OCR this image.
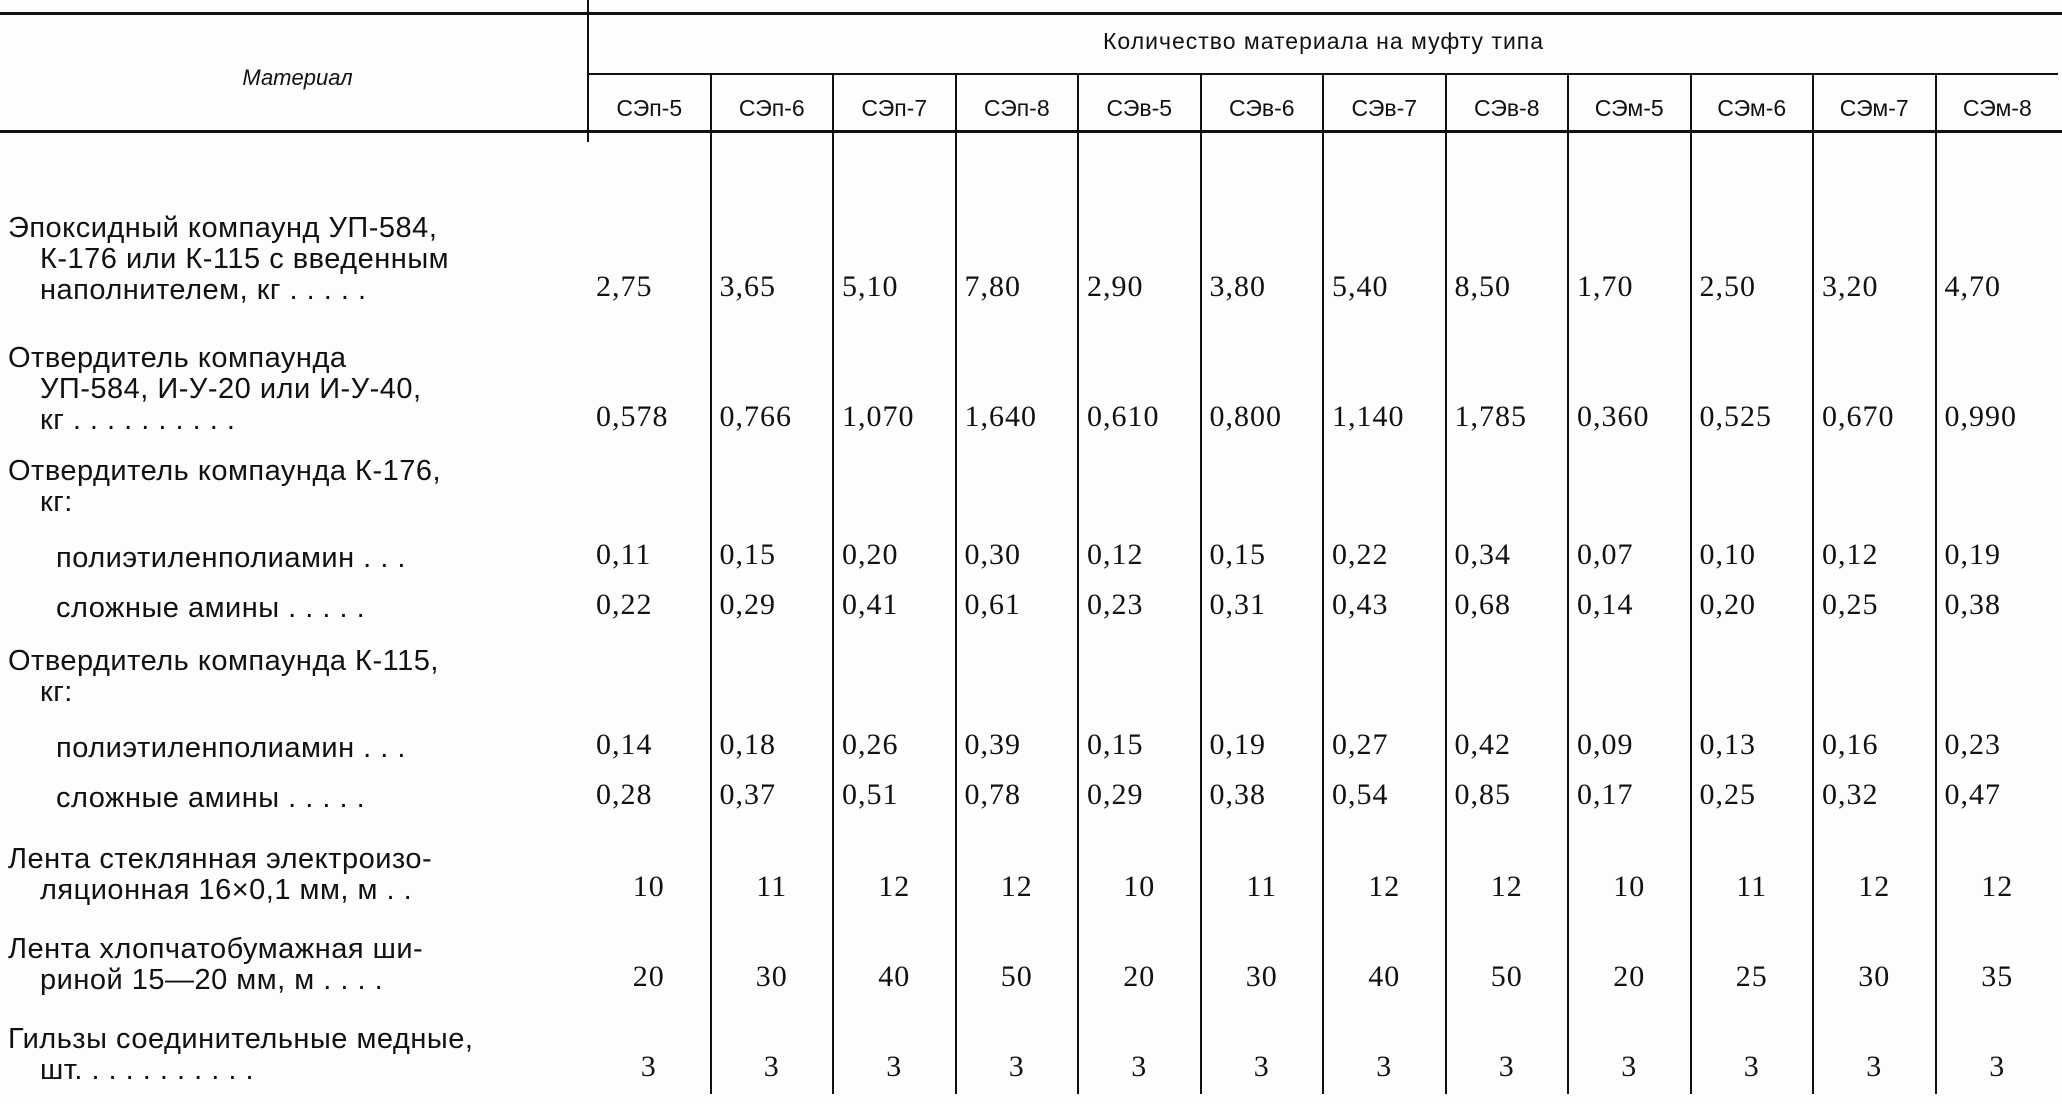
Материал	Количество материала на муфту типа											
	СЭп-5	СЭп-6	СЭп-7	СЭп-8	СЭв-5	СЭв-6	СЭв-7	СЭв-8	СЭм-5	СЭм-6	СЭм-7	СЭм-8

Эпоксидный компаунд УП-584,

К-176 или К-115 с введенным
наполнителем, кг . . . . .	2,75	3,65	5,10	7,80	2,90	3,80	5,40	8,50	1,70	2,50	3,20	4,70
Отвердитель компаунда

УП-584, И-У-20 или И-У-40,
кг . . . . . . . . . .	0,578	0,766	1,070	1,640	0,610	0,800	1,140	1,785	0,360	0,525	0,670	0,990
Отвердитель компаунда К-176,

кг:												

полиэтиленполиамин . . .	0,11	0,15	0,20	0,30	0,12	0,15	0,22	0,34	0,07	0,10	0,12	0,19

сложные амины . . . . .	0,22	0,29	0,41	0,61	0,23	0,31	0,43	0,68	0,14	0,20	0,25	0,38
Отвердитель компаунда К-115,

кг:												

полиэтиленполиамин . . .	0,14	0,18	0,26	0,39	0,15	0,19	0,27	0,42	0,09	0,13	0,16	0,23

сложные амины . . . . .	0,28	0,37	0,51	0,78	0,29	0,38	0,54	0,85	0,17	0,25	0,32	0,47
Лента стеклянная электроизо-

ляционная 16×0,1 мм, м . .	10	11	12	12	10	11	12	12	10	11	12	12
Лента хлопчатобумажная ши-

риной 15—20 мм, м . . . .	20	30	40	50	20	30	40	50	20	25	30	35
Гильзы соединительные медные,

шт. . . . . . . . . . .	3	3	3	3	3	3	3	3	3	3	3	3
